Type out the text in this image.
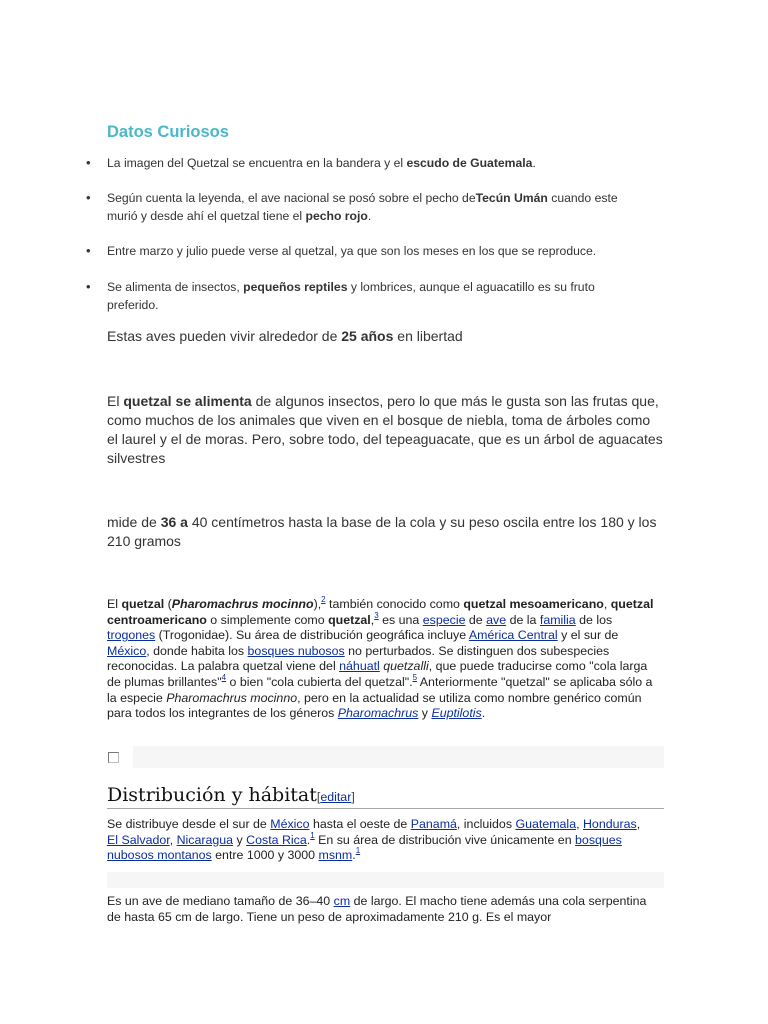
Datos Curiosos
• La imagen del Quetzal se encuentra en la bandera y el escudo de Guatemala.
• Según cuenta la leyenda, el ave nacional se posó sobre el pecho deTecún Umán cuando este murió y desde ahí el quetzal tiene el pecho rojo.
• Entre marzo y julio puede verse al quetzal, ya que son los meses en los que se reproduce.
• Se alimenta de insectos, pequeños reptiles y lombrices, aunque el aguacatillo es su fruto preferido.
Estas aves pueden vivir alrededor de 25 años en libertad
El quetzal se alimenta de algunos insectos, pero lo que más le gusta son las frutas que, como muchos de los animales que viven en el bosque de niebla, toma de árboles como el laurel y el de moras. Pero, sobre todo, del tepeaguacate, que es un árbol de aguacates silvestres
mide de 36 a 40 centímetros hasta la base de la cola y su peso oscila entre los 180 y los 210 gramos
El quetzal (Pharomachrus mocinno),$^2$ también conocido como quetzal mesoamericano, quetzal centroamericano o simplemente como quetzal,$^3$ es una especie de ave de la familia de los trogones (Trogonidae). Su área de distribución geográfica incluye América Central y el sur de México, donde habita los bosques nubosos no perturbados. Se distinguen dos subespecies reconocidas. La palabra quetzal viene del náhuatl quetzalli, que puede traducirse como "cola larga de plumas brillantes"$^4$ o bien "cola cubierta del quetzal".$^5$ Anteriormente "quetzal" se aplicaba sólo a la especie Pharomachrus mocinno, pero en la actualidad se utiliza como nombre genérico común para todos los integrantes de los géneros Pharomachrus y Euptilotis.
Distribución y hábitat[editar]
Se distribuye desde el sur de México hasta el oeste de Panamá, incluidos Guatemala, Honduras, El Salvador, Nicaragua y Costa Rica.$^1$ En su área de distribución vive únicamente en bosques nubosos montanos entre 1000 y 3000 msnm.$^1$
Es un ave de mediano tamaño de 36–40 cm de largo. El macho tiene además una cola serpentina de hasta 65 cm de largo. Tiene un peso de aproximadamente 210 g. Es el mayor
